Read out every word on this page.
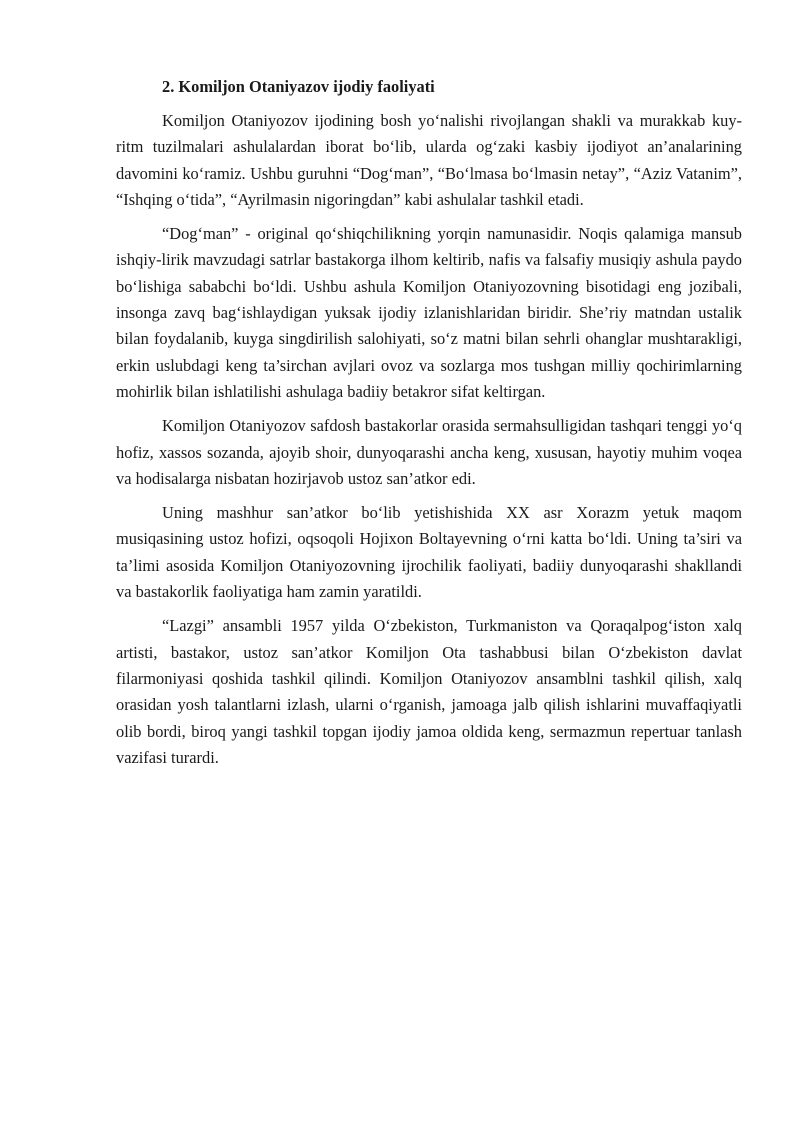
2. Komiljon Otaniyazov ijodiy faoliyati

Komiljon Otaniyozov ijodining bosh yo‘nalishi rivojlangan shakli va murakkab kuy-ritm tuzilmalari ashulalardan iborat bo‘lib, ularda og‘zaki kasbiy ijodiyot an’analarining davomini ko‘ramiz. Ushbu guruhni “Dog‘man”, “Bo‘lmasa bo‘lmasin netay”, “Aziz Vatanim”, “Ishqing o‘tida”, “Ayrilmasin nigoringdan” kabi ashulalar tashkil etadi.

“Dog‘man” - original qo‘shiqchilikning yorqin namunasidir. Noqis qalamiga mansub ishqiy-lirik mavzudagi satrlar bastakorga ilhom keltirib, nafis va falsafiy musiqiy ashula paydo bo‘lishiga sababchi bo‘ldi. Ushbu ashula Komiljon Otaniyozovning bisotidagi eng jozibali, insonga zavq bag‘ishlaydigan yuksak ijodiy izlanishlaridan biridir. She’riy matndan ustalik bilan foydalanib, kuyga singdirilish salohiyati, so‘z matni bilan sehrli ohanglar mushtarakligi, erkin uslubdagi keng ta’sirchan avjlari ovoz va sozlarga mos tushgan milliy qochirimlarning mohirlik bilan ishlatilishi ashulaga badiiy betakror sifat keltirgan.

Komiljon Otaniyozov safdosh bastakorlar orasida sermahsulligidan tashqari tenggi yo‘q hofiz, xassos sozanda, ajoyib shoir, dunyoqarashi ancha keng, xususan, hayotiy muhim voqea va hodisalarga nisbatan hozirjavob ustoz san’atkor edi.

Uning mashhur san’atkor bo‘lib yetishishida XX asr Xorazm yetuk maqom musiqasining ustoz hofizi, oqsoqoli Hojixon Boltayevning o‘rni katta bo‘ldi. Uning ta’siri va ta’limi asosida Komiljon Otaniyozovning ijrochilik faoliyati, badiiy dunyoqarashi shakllandi va bastakorlik faoliyatiga ham zamin yaratildi.

“Lazgi” ansambli 1957 yilda O‘zbekiston, Turkmaniston va Qoraqalpog‘iston xalq artisti, bastakor, ustoz san’atkor Komiljon Ota tashabbusi bilan O‘zbekiston davlat filarmoniyasi qoshida tashkil qilindi. Komiljon Otaniyozov ansamblni tashkil qilish, xalq orasidan yosh talantlarni izlash, ularni o‘rganish, jamoaga jalb qilish ishlarini muvaffaqiyatli olib bordi, biroq yangi tashkil topgan ijodiy jamoa oldida keng, sermazmun repertuar tanlash vazifasi turardi.
